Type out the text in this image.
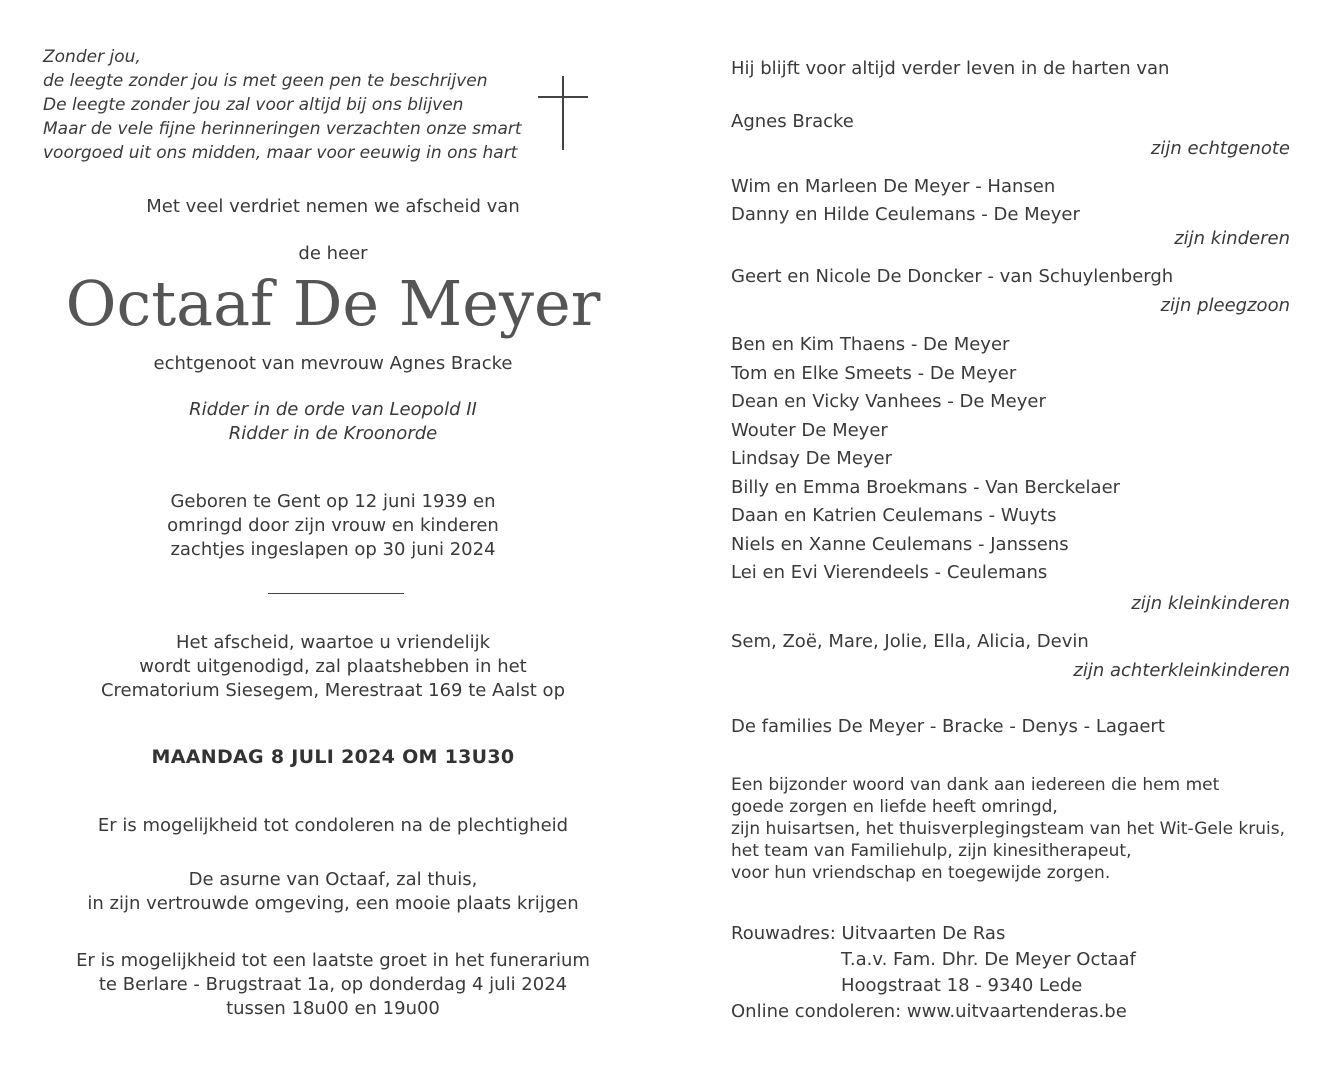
Zonder jou,
de leegte zonder jou is met geen pen te beschrijven
De leegte zonder jou zal voor altijd bij ons blijven
Maar de vele fijne herinneringen verzachten onze smart
voorgoed uit ons midden, maar voor eeuwig in ons hart
Met veel verdriet nemen we afscheid van
de heer
Octaaf De Meyer
echtgenoot van mevrouw Agnes Bracke
Ridder in de orde van Leopold II
Ridder in de Kroonorde
Geboren te Gent op 12 juni 1939 en
omringd door zijn vrouw en kinderen
zachtjes ingeslapen op 30 juni 2024
Het afscheid, waartoe u vriendelijk
wordt uitgenodigd, zal plaatshebben in het
Crematorium Siesegem, Merestraat 169 te Aalst op
MAANDAG 8 JULI 2024 OM 13U30
Er is mogelijkheid tot condoleren na de plechtigheid
De asurne van Octaaf, zal thuis,
in zijn vertrouwde omgeving, een mooie plaats krijgen
Er is mogelijkheid tot een laatste groet in het funerarium
te Berlare - Brugstraat 1a, op donderdag 4 juli 2024
tussen 18u00 en 19u00
Hij blijft voor altijd verder leven in de harten van
Agnes Bracke
zijn echtgenote
Wim en Marleen De Meyer - Hansen
Danny en Hilde Ceulemans - De Meyer
zijn kinderen
Geert en Nicole De Doncker - van Schuylenbergh
zijn pleegzoon
Ben en Kim Thaens - De Meyer
Tom en Elke Smeets - De Meyer
Dean en Vicky Vanhees - De Meyer
Wouter De Meyer
Lindsay De Meyer
Billy en Emma Broekmans - Van Berckelaer
Daan en Katrien Ceulemans - Wuyts
Niels en Xanne Ceulemans - Janssens
Lei en Evi Vierendeels - Ceulemans
zijn kleinkinderen
Sem, Zoë, Mare, Jolie, Ella, Alicia, Devin
zijn achterkleinkinderen
De families De Meyer - Bracke - Denys - Lagaert
Een bijzonder woord van dank aan iedereen die hem met
goede zorgen en liefde heeft omringd,
zijn huisartsen, het thuisverplegingsteam van het Wit-Gele kruis,
het team van Familiehulp, zijn kinesitherapeut,
voor hun vriendschap en toegewijde zorgen.
Rouwadres: Uitvaarten De Ras
T.a.v. Fam. Dhr. De Meyer Octaaf
Hoogstraat 18 - 9340 Lede
Online condoleren: www.uitvaartenderas.be
